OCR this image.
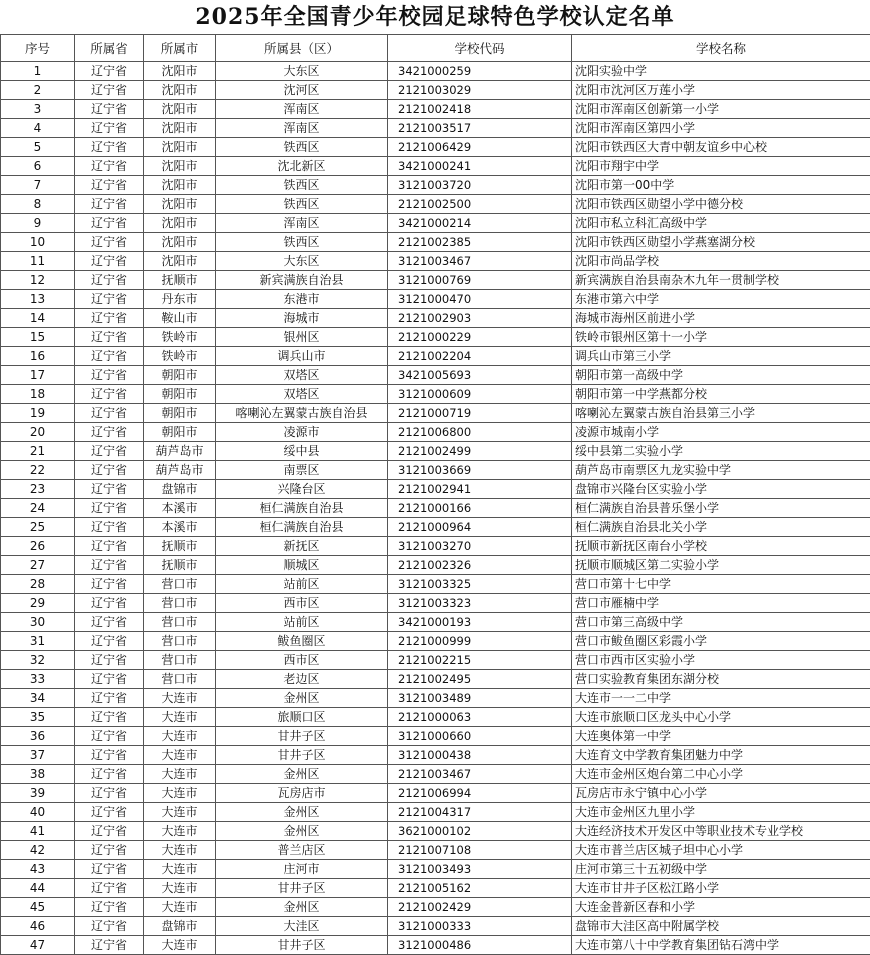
2025年全国青少年校园足球特色学校认定名单
序号	所属省	所属市	所属县（区）	学校代码	学校名称
1	辽宁省	沈阳市	大东区	3421000259	沈阳实验中学
2	辽宁省	沈阳市	沈河区	2121003029	沈阳市沈河区万莲小学
3	辽宁省	沈阳市	浑南区	2121002418	沈阳市浑南区创新第一小学
4	辽宁省	沈阳市	浑南区	2121003517	沈阳市浑南区第四小学
5	辽宁省	沈阳市	铁西区	2121006429	沈阳市铁西区大青中朝友谊乡中心校
6	辽宁省	沈阳市	沈北新区	3421000241	沈阳市翔宇中学
7	辽宁省	沈阳市	铁西区	3121003720	沈阳市第一00中学
8	辽宁省	沈阳市	铁西区	2121002500	沈阳市铁西区勋望小学中德分校
9	辽宁省	沈阳市	浑南区	3421000214	沈阳市私立科汇高级中学
10	辽宁省	沈阳市	铁西区	2121002385	沈阳市铁西区勋望小学燕塞湖分校
11	辽宁省	沈阳市	大东区	3121003467	沈阳市尚品学校
12	辽宁省	抚顺市	新宾满族自治县	3121000769	新宾满族自治县南杂木九年一贯制学校
13	辽宁省	丹东市	东港市	3121000470	东港市第六中学
14	辽宁省	鞍山市	海城市	2121002903	海城市海州区前进小学
15	辽宁省	铁岭市	银州区	2121000229	铁岭市银州区第十一小学
16	辽宁省	铁岭市	调兵山市	2121002204	调兵山市第三小学
17	辽宁省	朝阳市	双塔区	3421005693	朝阳市第一高级中学
18	辽宁省	朝阳市	双塔区	3121000609	朝阳市第一中学燕都分校
19	辽宁省	朝阳市	喀喇沁左翼蒙古族自治县	2121000719	喀喇沁左翼蒙古族自治县第三小学
20	辽宁省	朝阳市	凌源市	2121006800	凌源市城南小学
21	辽宁省	葫芦岛市	绥中县	2121002499	绥中县第二实验小学
22	辽宁省	葫芦岛市	南票区	3121003669	葫芦岛市南票区九龙实验中学
23	辽宁省	盘锦市	兴隆台区	2121002941	盘锦市兴隆台区实验小学
24	辽宁省	本溪市	桓仁满族自治县	2121000166	桓仁满族自治县普乐堡小学
25	辽宁省	本溪市	桓仁满族自治县	2121000964	桓仁满族自治县北关小学
26	辽宁省	抚顺市	新抚区	3121003270	抚顺市新抚区南台小学校
27	辽宁省	抚顺市	顺城区	2121002326	抚顺市顺城区第二实验小学
28	辽宁省	营口市	站前区	3121003325	营口市第十七中学
29	辽宁省	营口市	西市区	3121003323	营口市雁楠中学
30	辽宁省	营口市	站前区	3421000193	营口市第三高级中学
31	辽宁省	营口市	鲅鱼圈区	2121000999	营口市鲅鱼圈区彩霞小学
32	辽宁省	营口市	西市区	2121002215	营口市西市区实验小学
33	辽宁省	营口市	老边区	2121002495	营口实验教育集团东湖分校
34	辽宁省	大连市	金州区	3121003489	大连市一一二中学
35	辽宁省	大连市	旅顺口区	2121000063	大连市旅顺口区龙头中心小学
36	辽宁省	大连市	甘井子区	3121000660	大连奥体第一中学
37	辽宁省	大连市	甘井子区	3121000438	大连育文中学教育集团魅力中学
38	辽宁省	大连市	金州区	2121003467	大连市金州区炮台第二中心小学
39	辽宁省	大连市	瓦房店市	2121006994	瓦房店市永宁镇中心小学
40	辽宁省	大连市	金州区	2121004317	大连市金州区九里小学
41	辽宁省	大连市	金州区	3621000102	大连经济技术开发区中等职业技术专业学校
42	辽宁省	大连市	普兰店区	2121007108	大连市普兰店区城子坦中心小学
43	辽宁省	大连市	庄河市	3121003493	庄河市第三十五初级中学
44	辽宁省	大连市	甘井子区	2121005162	大连市甘井子区松江路小学
45	辽宁省	大连市	金州区	2121002429	大连金普新区春和小学
46	辽宁省	盘锦市	大洼区	3121000333	盘锦市大洼区高中附属学校
47	辽宁省	大连市	甘井子区	3121000486	大连市第八十中学教育集团钻石湾中学
